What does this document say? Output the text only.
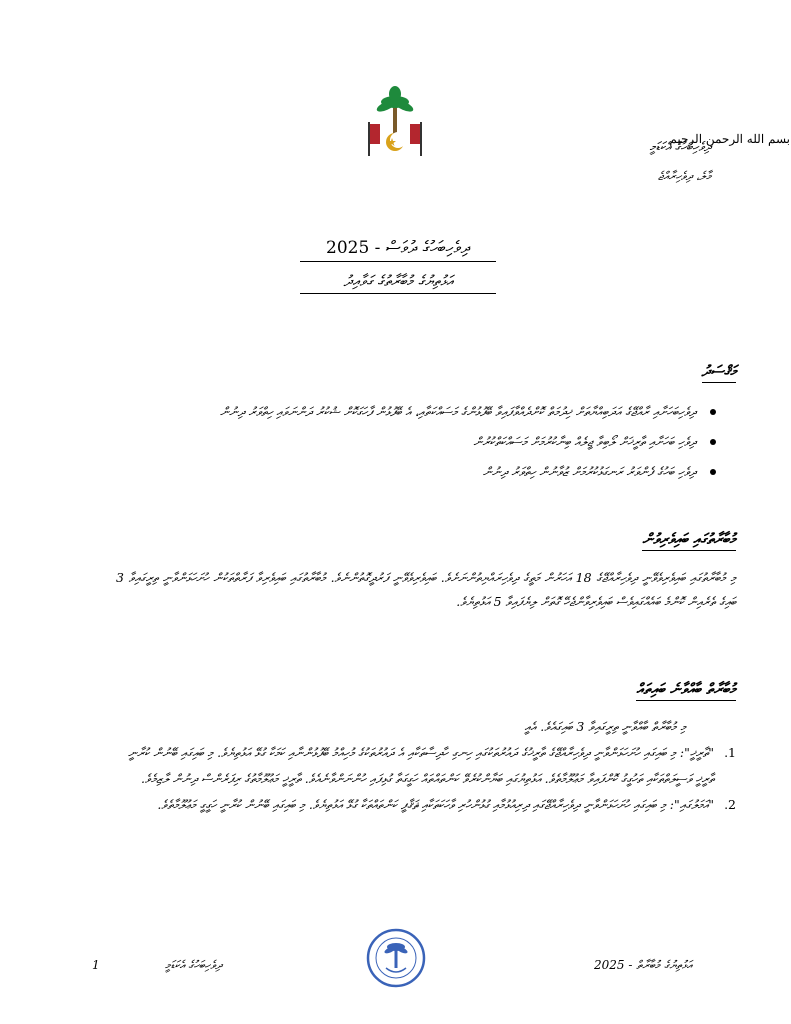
بسم الله الرحمن الرحيم
ދިވެހިބަހުގެ އެކަޑަމީ
މާލެ، ދިވެހިރާއްޖެ
ދިވެހިބަހުގެ ދުވަސް - 2025
އަޅުތިޔުގެ މުބާރާތުގެ ގަވާއިދު
މަޤްސަދު
ދިވެހިބަހަށާއި ރާއްޖޭގެ އަދަބިއްޔާތަށް ޚިދުމަތް ކޮށްދެއްވާފައިވާ ބޭފުޅުންގެ މަސައްކަތާއި، އެ ބޭފުޅުން ފާހަގަކޮށް ޝުކުރު ދަންނަވައި ހިތްވަރު ދިނުން
ދިވެހި ބަހަށާއި ތާރީޚަށް ލޯބިވާ ޖީލެއް ބިނާކުރުމަށް މަސައްކަތްކުރުން
ދިވެހި ބަހުގެ ފެންވަރު ރަނގަޅުކުރުމަށް ޒުވާނުން ހިތްވަރު ދިނުން
މުބާރާތުގައި ބައިވެރިވުން
މި މުބާރާތުގައި ބައިވެރިވެވޭނީ ދިވެހިރާއްޖޭގެ 18 އަހަރުން މަތީގެ ދިވެހިރައްޔިތުންނަށެވެ. ބައިވެރިވެވޭނީ ފަރުދީގޮތުންނެވެ. މުބާރާތުގައި ބައިވެރިވާ ފަރާތްތަކުން ހުށަހަޅަންވާނީ ތިރީގައިވާ 3 ބައިގެ ތެރެއިން ކޮންމެ ބައެއްގައިވެސް ބައިވެރިވާންޖެހޭ ގޮތަށް ލިޔެފައިވާ 5 އަޅުތިޔެވެ.
މުބާރާތް ބާއްވާނެ ބައިތައް
މި މުބާރާތް ބާއްވާނީ ތިރީގައިވާ 3 ބައިގައެވެ. އެއީ
1.
"ތާރީޚީ": މި ބައިގައި ހުށަހަޅަންވާނީ ދިވެހިރާއްޖޭގެ ތާރީޚުގެ ދައުރުތަކުގައި ހިނގި ހާދިސާތަކާއި އެ ދައުރުތަކުގެ މުހިއްމު ބޭފުޅުންނާއި ކަމަކާ ގުޅޭ އަޅުތިޔެވެ. މި ބައިގައި ބޭނުން ކުރާނީ ތާރީޚީ ވަސީލަތްތަކާއި ތަހުގީގު ކޮށްފައިވާ މަޢުލޫމާތެވެ. އަޅުތިޔުގައި ބަޔާންކުރެވޭ ކަންތައްތައް ހަގީގަތާ ގުޅިފައި ހުންނަންވާނެއެވެ. ތާރީޚީ މަޢުލޫމާތުގެ ރިފަރެންސް ދިނުން ލާޒިމެވެ.
2.
"އަމަލުގައި": މި ބައިގައި ހުށަހަޅަންވާނީ ދިވެހިރާއްޖޭގައި ދިރިއުޅުމާއި ގުޅުންހުރި ވާހަކަތަކާއި ޘަޤާފީ ކަންތައްތަކާ ގުޅޭ އަޅުތިޔެވެ. މި ބައިގައި ބޭނުން ކުރާނީ ހަގީގީ މަޢުލޫމާތެވެ.
1	ދިވެހިބަހުގެ އެކަޑަމީ	އަޅުތިޔުގެ މުބާރާތް - 2025
